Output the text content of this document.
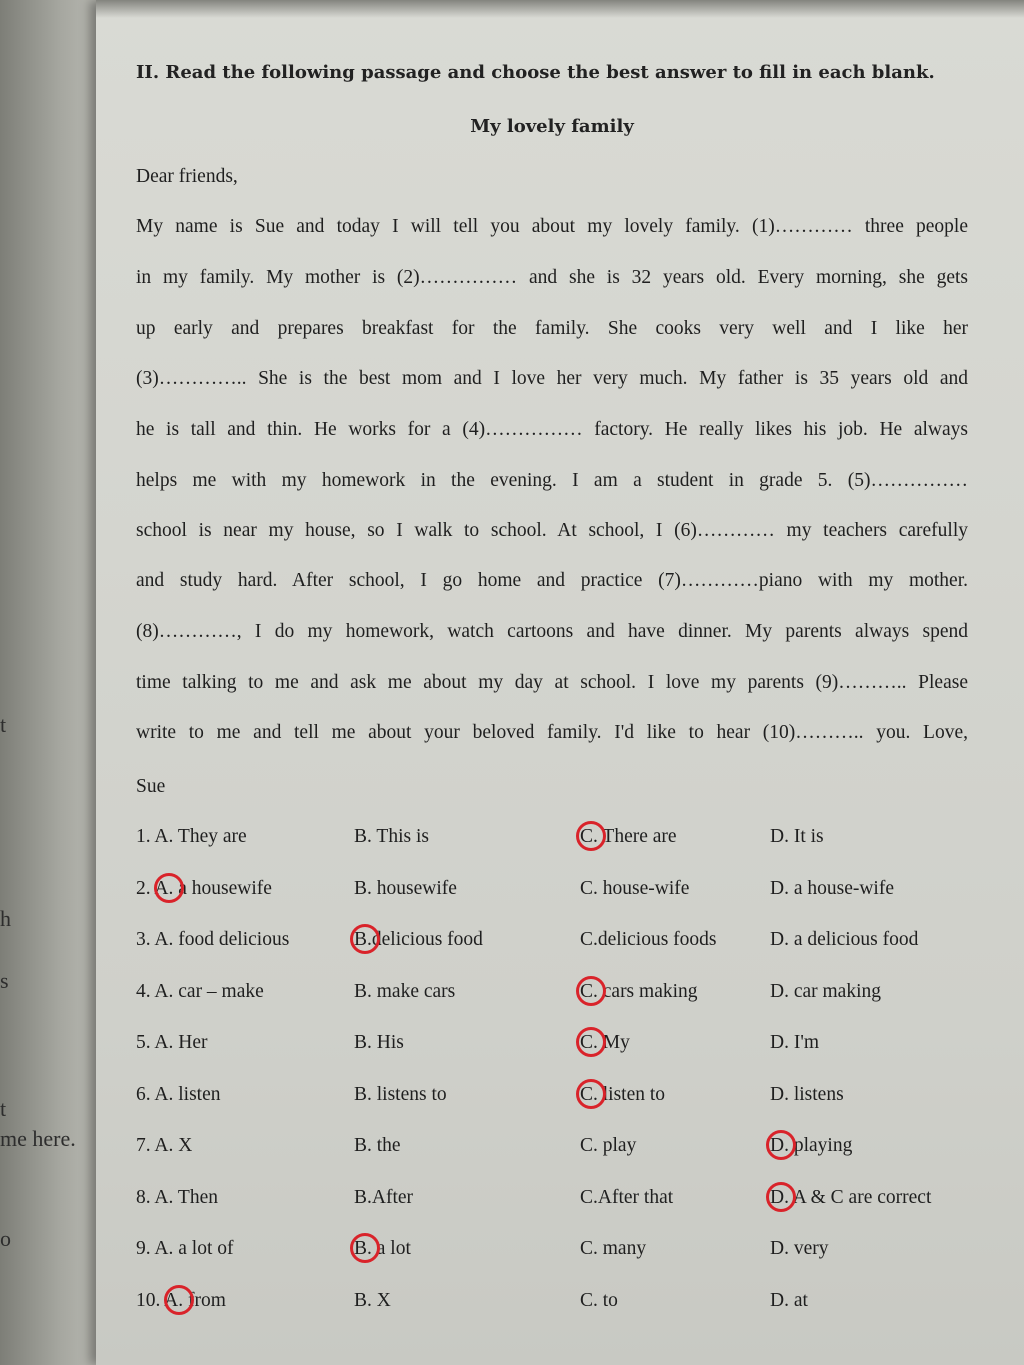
t
h
s
t
me here.
o
II. Read the following passage and choose the best answer to fill in each blank.
My lovely family
Dear friends,
My name is Sue and today I will tell you about my lovely family. (1)………… three people
in my family. My mother is (2)…………… and she is 32 years old. Every morning, she gets
up early and prepares breakfast for the family. She cooks very well and I like her
(3)………….. She is the best mom and I love her very much. My father is 35 years old and
he is tall and thin. He works for a (4)…………… factory. He really likes his job. He always
helps me with my homework in the evening. I am a student in grade 5. (5)……………
school is near my house, so I walk to school. At school, I (6)………… my teachers carefully
and study hard. After school, I go home and practice (7)…………piano with my mother.
(8)…………, I do my homework, watch cartoons and have dinner. My parents always spend
time talking to me and ask me about my day at school. I love my parents (9)……….. Please
write to me and tell me about your beloved family. I'd like to hear (10)……….. you. Love,
Sue
1. A. They are	B. This is	C. There are	D. It is
2. A. a housewife	B. housewife	C. house-wife	D. a house-wife
3. A. food delicious	B.delicious food	C.delicious foods	D. a delicious food
4. A. car – make	B. make cars	C. cars making	D. car making
5. A. Her	B. His	C. My	D. I'm
6. A. listen	B. listens to	C. listen to	D. listens
7. A. X	B. the	C. play	D. playing
8. A. Then	B.After	C.After that	D. A & C are correct
9. A. a lot of	B. a lot	C. many	D. very
10. A. from	B. X	C. to	D. at
